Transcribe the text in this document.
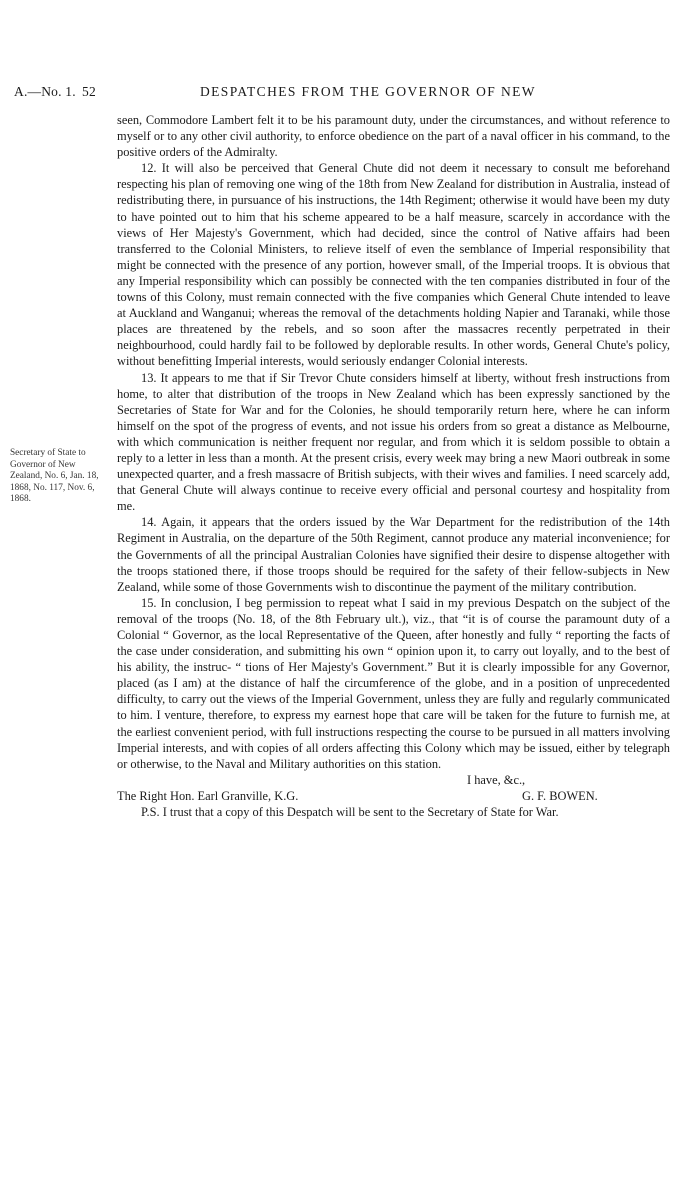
A.—No. 1. 52	DESPATCHES FROM THE GOVERNOR OF NEW
Secretary of State to Governor of New Zealand, No. 6, Jan. 18, 1868, No. 117, Nov. 6, 1868.

seen, Commodore Lambert felt it to be his paramount duty, under the circumstances, and without reference to myself or to any other civil authority, to enforce obedience on the part of a naval officer in his command, to the positive orders of the Admiralty.

12. It will also be perceived that General Chute did not deem it necessary to consult me beforehand respecting his plan of removing one wing of the 18th from New Zealand for distribution in Australia, instead of redistributing there, in pursuance of his instructions, the 14th Regiment; otherwise it would have been my duty to have pointed out to him that his scheme appeared to be a half measure, scarcely in accordance with the views of Her Majesty's Government, which had decided, since the control of Native affairs had been transferred to the Colonial Ministers, to relieve itself of even the semblance of Imperial responsibility that might be connected with the presence of any portion, however small, of the Imperial troops. It is obvious that any Imperial responsibility which can possibly be connected with the ten companies distributed in four of the towns of this Colony, must remain connected with the five companies which General Chute intended to leave at Auckland and Wanganui; whereas the removal of the detachments holding Napier and Taranaki, while those places are threatened by the rebels, and so soon after the massacres recently perpetrated in their neighbourhood, could hardly fail to be followed by deplorable results. In other words, General Chute's policy, without benefitting Imperial interests, would seriously endanger Colonial interests.

13. It appears to me that if Sir Trevor Chute considers himself at liberty, without fresh instructions from home, to alter that distribution of the troops in New Zealand which has been expressly sanctioned by the Secretaries of State for War and for the Colonies, he should temporarily return here, where he can inform himself on the spot of the progress of events, and not issue his orders from so great a distance as Melbourne, with which communication is neither frequent nor regular, and from which it is seldom possible to obtain a reply to a letter in less than a month. At the present crisis, every week may bring a new Maori outbreak in some unexpected quarter, and a fresh massacre of British subjects, with their wives and families. I need scarcely add, that General Chute will always continue to receive every official and personal courtesy and hospitality from me.

14. Again, it appears that the orders issued by the War Department for the redistribution of the 14th Regiment in Australia, on the departure of the 50th Regiment, cannot produce any material inconvenience; for the Governments of all the principal Australian Colonies have signified their desire to dispense altogether with the troops stationed there, if those troops should be required for the safety of their fellow-subjects in New Zealand, while some of those Governments wish to discontinue the payment of the military contribution.

15. In conclusion, I beg permission to repeat what I said in my previous Despatch on the subject of the removal of the troops (No. 18, of the 8th February ult.), viz., that “it is of course the paramount duty of a Colonial “ Governor, as the local Representative of the Queen, after honestly and fully “ reporting the facts of the case under consideration, and submitting his own “ opinion upon it, to carry out loyally, and to the best of his ability, the instruc- “ tions of Her Majesty's Government.” But it is clearly impossible for any Governor, placed (as I am) at the distance of half the circumference of the globe, and in a position of unprecedented difficulty, to carry out the views of the Imperial Government, unless they are fully and regularly communicated to him. I venture, therefore, to express my earnest hope that care will be taken for the future to furnish me, at the earliest convenient period, with full instructions respecting the course to be pursued in all matters involving Imperial interests, and with copies of all orders affecting this Colony which may be issued, either by telegraph or otherwise, to the Naval and Military authorities on this station.

I have, &c.,
The Right Hon. Earl Granville, K.G.	G. F. BOWEN.

P.S. I trust that a copy of this Despatch will be sent to the Secretary of State for War.
